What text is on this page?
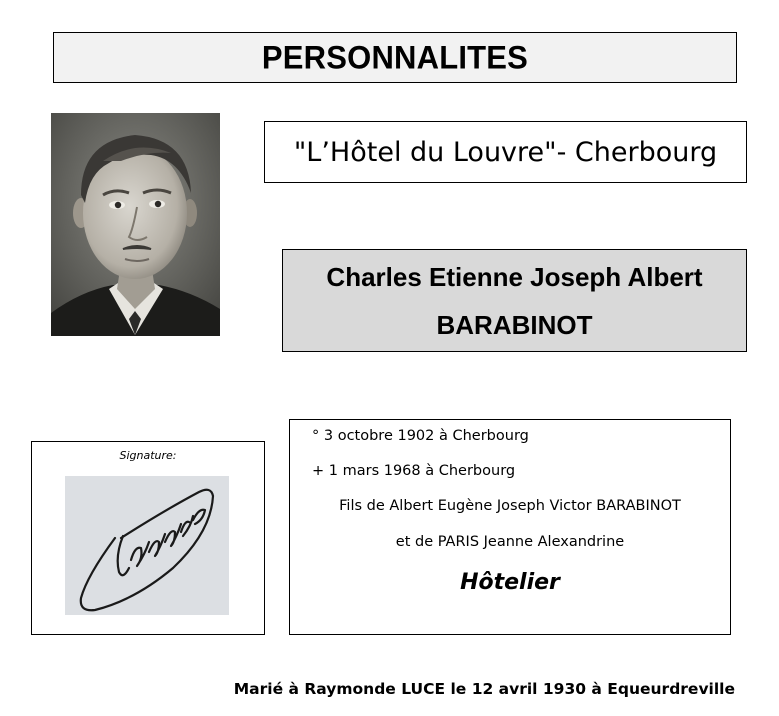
PERSONNALITES
"L’Hôtel du Louvre"- Cherbourg
Charles Etienne Joseph Albert
BARABINOT
Signature:
° 3 octobre 1902 à Cherbourg
+ 1 mars 1968 à Cherbourg
Fils de Albert Eugène Joseph Victor BARABINOT
et de PARIS Jeanne Alexandrine
Hôtelier
Marié à Raymonde LUCE le 12 avril 1930 à Equeurdreville
